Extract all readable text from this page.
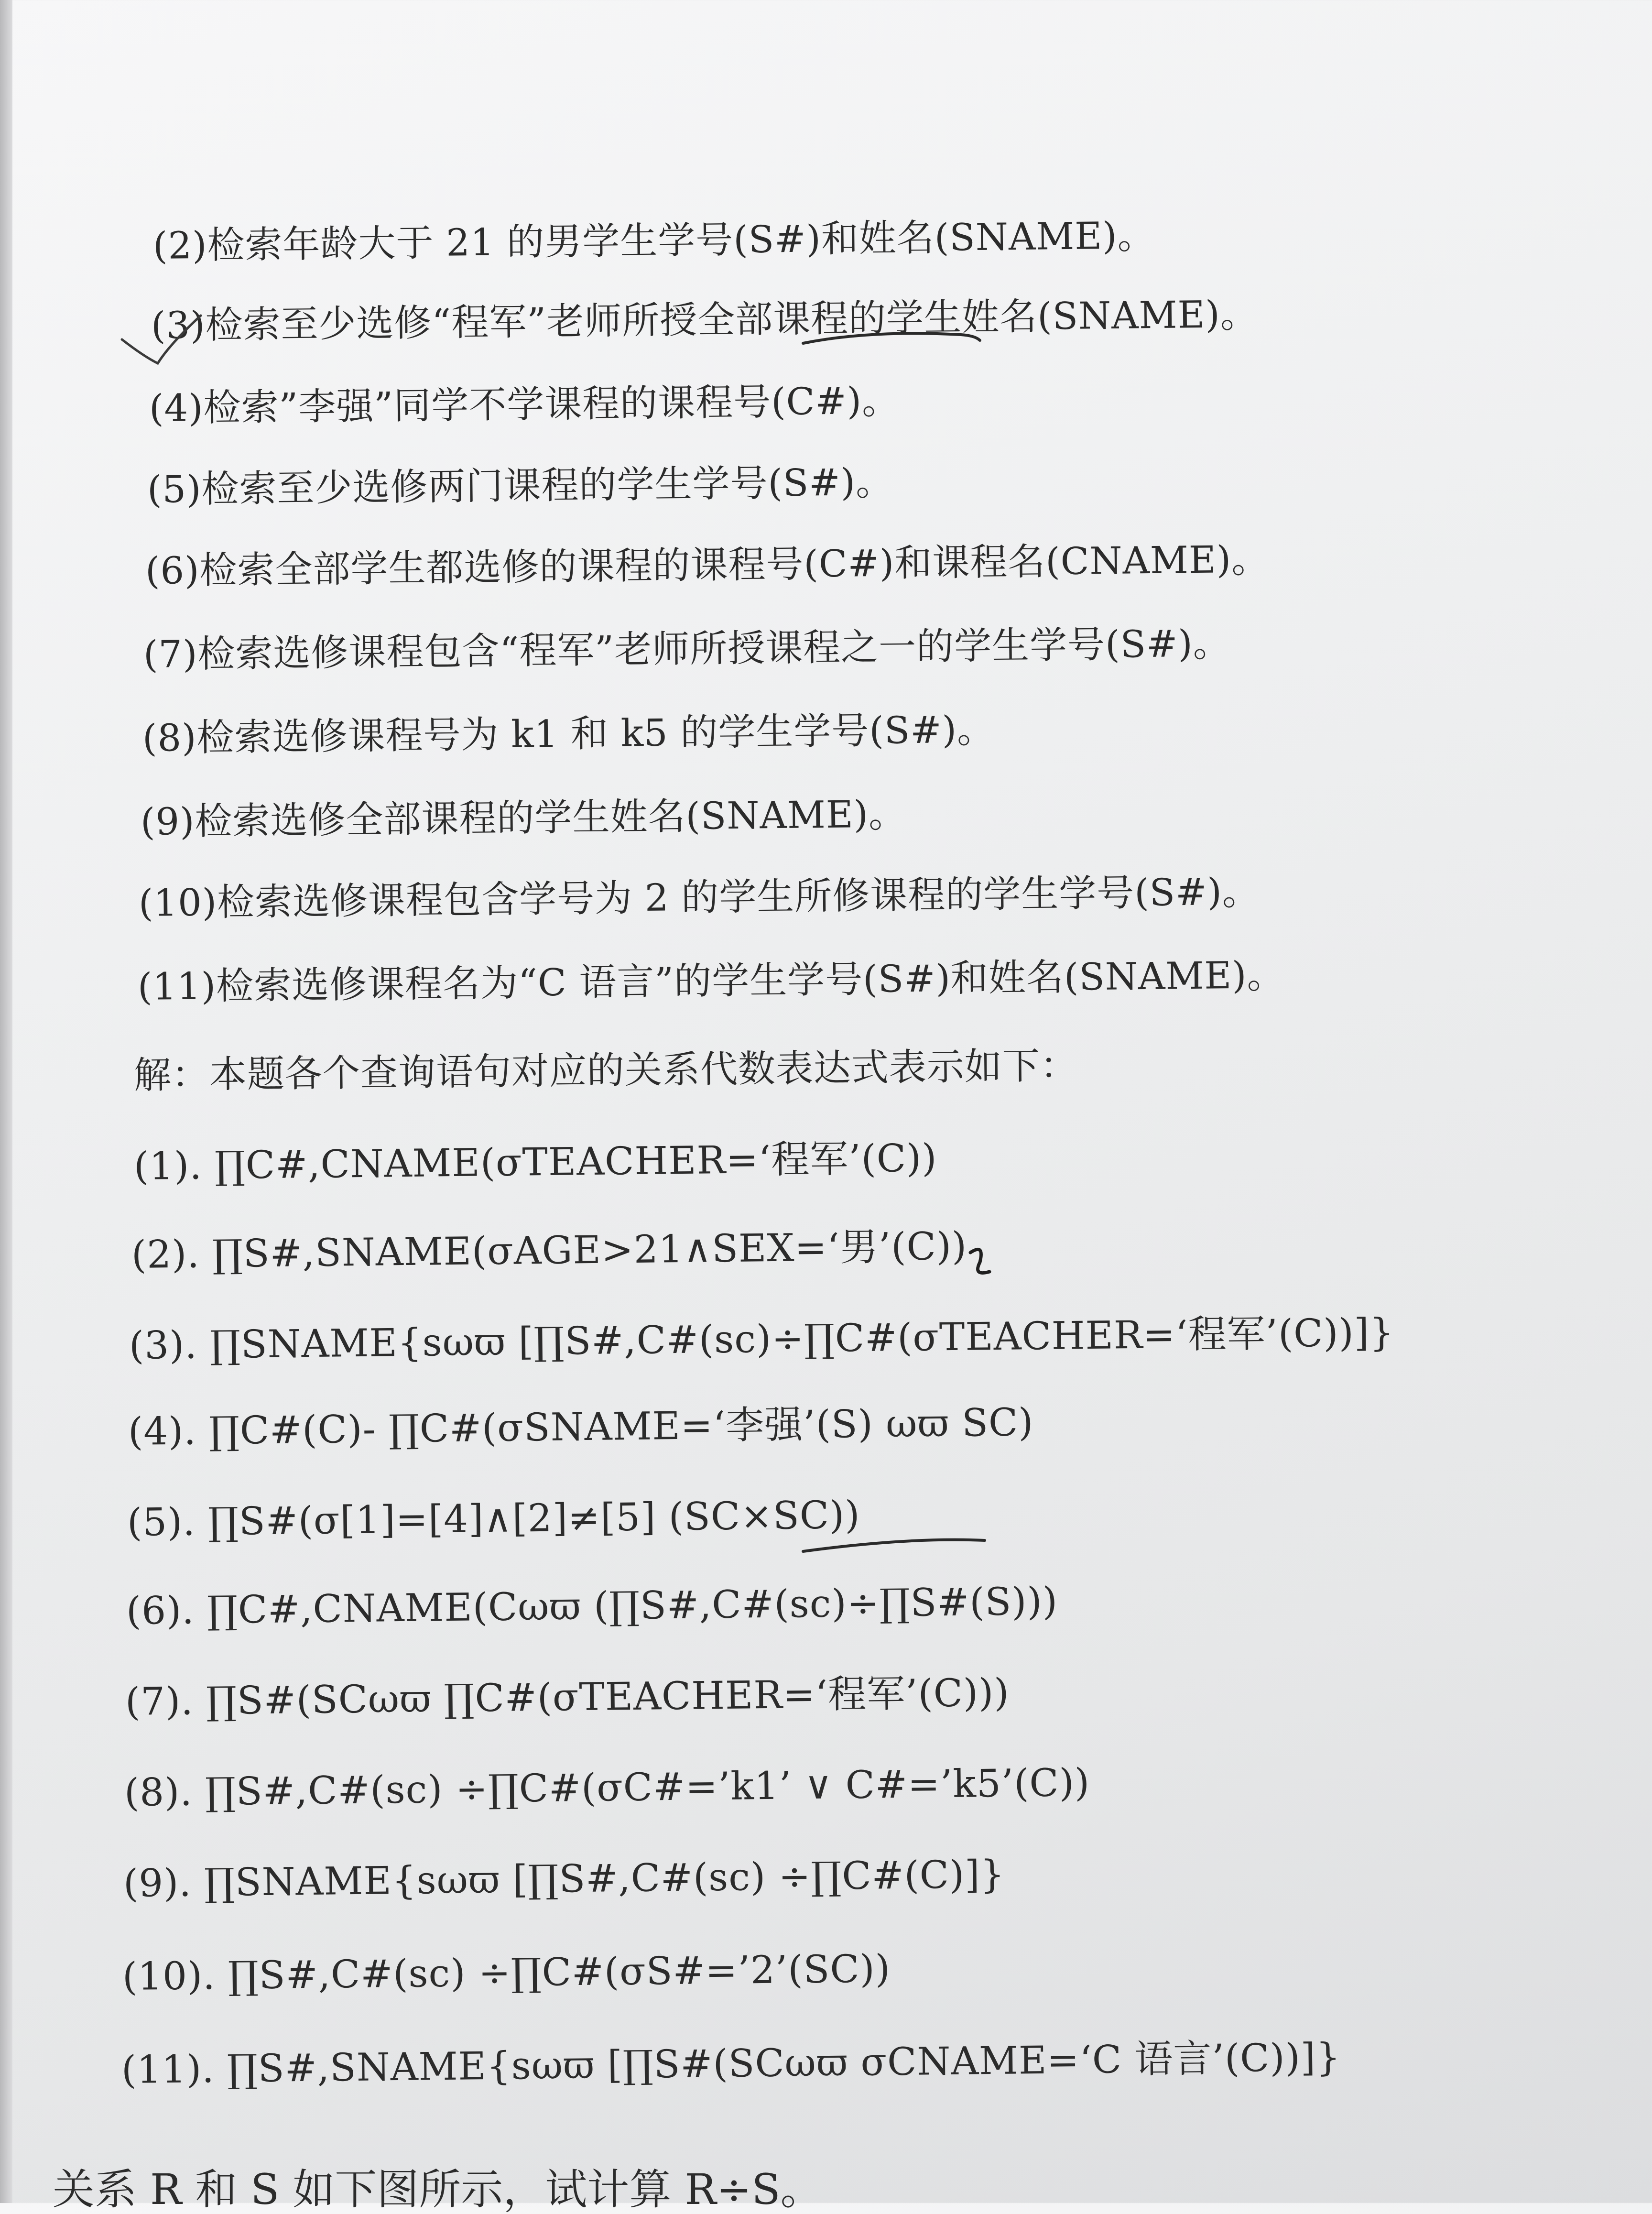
(2)检索年龄大于 21 的男学生学号(S#)和姓名(SNAME)。
(3)检索至少选修“程军”老师所授全部课程的学生姓名(SNAME)。
(4)检索”李强”同学不学课程的课程号(C#)。
(5)检索至少选修两门课程的学生学号(S#)。
(6)检索全部学生都选修的课程的课程号(C#)和课程名(CNAME)。
(7)检索选修课程包含“程军”老师所授课程之一的学生学号(S#)。
(8)检索选修课程号为 k1 和 k5 的学生学号(S#)。
(9)检索选修全部课程的学生姓名(SNAME)。
(10)检索选修课程包含学号为 2 的学生所修课程的学生学号(S#)。
(11)检索选修课程名为“C 语言”的学生学号(S#)和姓名(SNAME)。
解：本题各个查询语句对应的关系代数表达式表示如下：
(1). ∏C#,CNAME(σTEACHER=‘程军’(C))
(2). ∏S#,SNAME(σAGE>21∧SEX=‘男’(C))
(3). ∏SNAME{sωϖ [∏S#,C#(sc)÷∏C#(σTEACHER=‘程军’(C))]}
(4). ∏C#(C)- ∏C#(σSNAME=‘李强’(S) ωϖ SC)
(5). ∏S#(σ[1]=[4]∧[2]≠[5] (SC×SC))
(6). ∏C#,CNAME(Cωϖ (∏S#,C#(sc)÷∏S#(S)))
(7). ∏S#(SCωϖ ∏C#(σTEACHER=‘程军’(C)))
(8). ∏S#,C#(sc) ÷∏C#(σC#=’k1’ ∨ C#=’k5’(C))
(9). ∏SNAME{sωϖ [∏S#,C#(sc) ÷∏C#(C)]}
(10). ∏S#,C#(sc) ÷∏C#(σS#=’2’(SC))
(11). ∏S#,SNAME{sωϖ [∏S#(SCωϖ σCNAME=‘C 语言’(C))]}
关系 R 和 S 如下图所示，试计算 R÷S。
